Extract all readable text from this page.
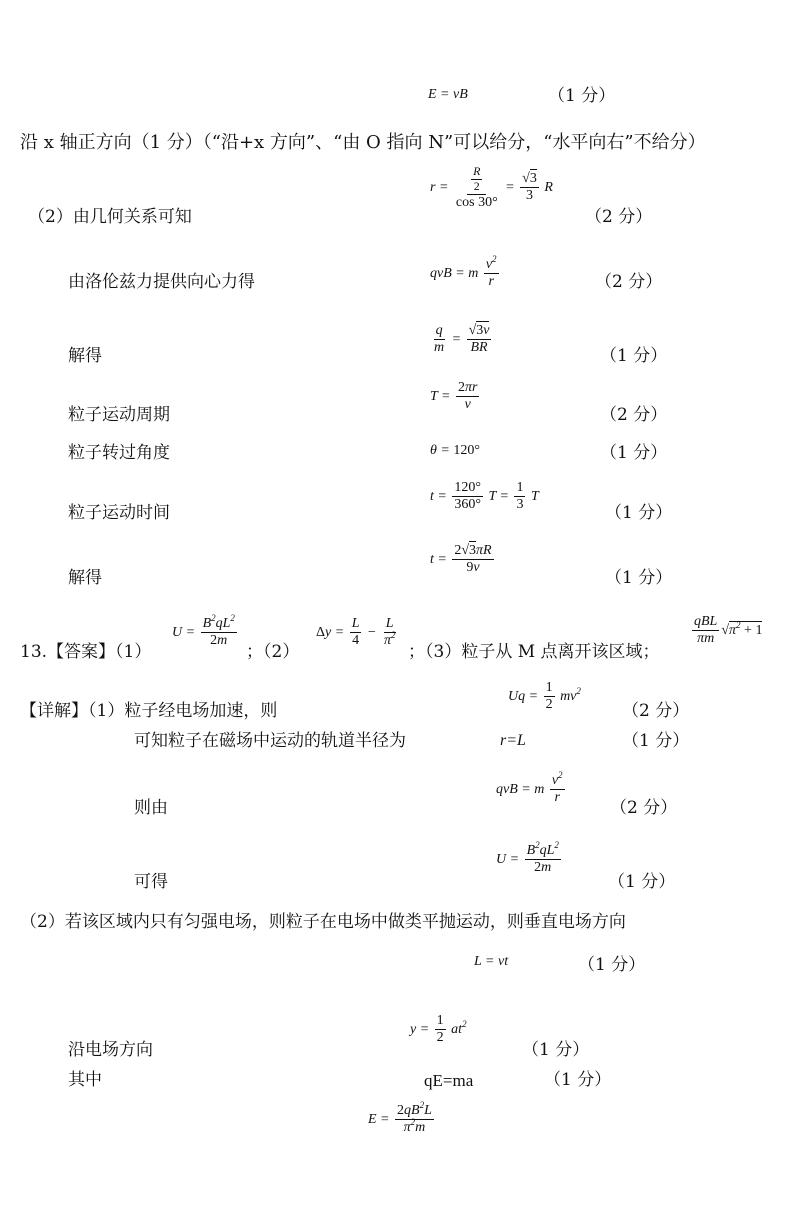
E = vB	（1 分）
沿 x 轴正方向（1 分）（“沿+x 方向”、“由 O 指向 N”可以给分，“水平向右”不给分）
$r = \frac{\frac{R}{2}}{\cos 30^\circ} = \frac{√3}{3}$ R
（2）由几何关系可知	（2 分）
qvB = m $\frac{v^2}{r}$
由洛伦兹力提供向心力得	（2 分）
$\frac{q}{m} = \frac{√3v}{BR}$
解得	（1 分）
$T = \frac{2\pi r}{v}$
粒子运动周期	（2 分）
θ = 120°
粒子转过角度	（1 分）
$t = \frac{120^\circ}{360^\circ}$ $T = \frac{1}{3}$ T
粒子运动时间	（1 分）
$t = \frac{2√3\pi R}{9v}$
解得	（1 分）
13.【答案】（1）
$U = \frac{B^2qL^2}{2m}$
；（2）
$\Delta y = \frac{L}{4} - \frac{L}{\pi^2}$
；（3）粒子从 M 点离开该区域；
$\frac{\text{qBL}}{\pi m} √\pi^2 + 1$
$Uq = \frac{1}{2} mv^2$
【详解】（1）粒子经电场加速，则	（2 分）
可知粒子在磁场中运动的轨道半径为	r=L	（1 分）
qvB = m $\frac{v^2}{r}$
则由	（2 分）
$U = \frac{B^2qL^2}{2m}$
可得	（1 分）
（2）若该区域内只有匀强电场，则粒子在电场中做类平抛运动，则垂直电场方向
L = vt	（1 分）
$y = \frac{1}{2} at^2$
沿电场方向	（1 分）
其中	qE=ma	（1 分）
$E = \frac{2qB^2L}{\pi^2m}$
